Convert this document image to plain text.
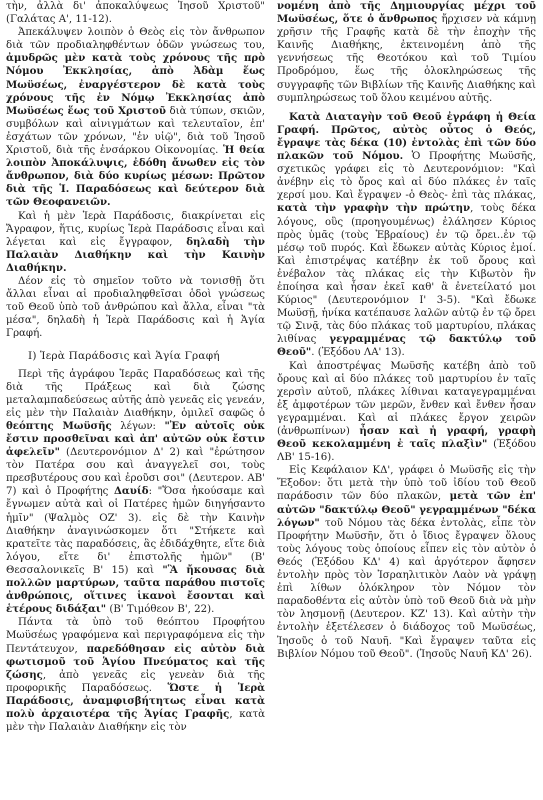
τὴν, ἀλλὰ δι' ἀποκαλύψεως Ἰησοῦ Χριστοῦ" (Γαλάτας Α', 11-12).

Ἀπεκάλυψεν λοιπὸν ὁ Θεὸς εἰς τὸν ἄνθρωπον διὰ τῶν προδιαληφθέντων ὁδῶν γνώσεως του, ἀμυδρῶς μὲν κατὰ τοὺς χρόνους τῆς πρὸ Νόμου Ἐκκλησίας, ἀπὸ Ἀδὰμ ἕως Μωϋσέως, ἐναργέστερον δὲ κατὰ τοὺς χρόνους τῆς ἐν Νόμῳ Ἐκκλησίας ἀπὸ Μωϋσέως ἕως τοῦ Χριστοῦ διὰ τύπων, σκιῶν, συμβόλων καὶ αἰνιγμάτων καὶ τελευταῖον, ἐπ' ἐσχάτων τῶν χρόνων, "ἐν υἱῷ", διὰ τοῦ Ἰησοῦ Χριστοῦ, διὰ τῆς ἐνσάρκου Οἰκονομίας. Ἡ θεία λοιπὸν Ἀποκάλυψις, ἐδόθη ἄνωθεν εἰς τὸν ἄνθρωπον, διὰ δύο κυρίως μέσων: Πρῶτον διὰ τῆς Ἱ. Παραδόσεως καὶ δεύτερον διὰ τῶν Θεοφανειῶν.

Καὶ ἡ μὲν Ἱερὰ Παράδοσις, διακρίνεται εἰς Ἄγραφον, ἥτις, κυρίως Ἱερὰ Παράδοσις εἶναι καὶ λέγεται καὶ εἰς ἔγγραφον, δηλαδὴ τὴν Παλαιὰν Διαθήκην καὶ τὴν Καινὴν Διαθήκην.

Δέον εἰς τὸ σημεῖον τοῦτο νὰ τονισθῇ ὅτι ἄλλαι εἶναι αἱ προδιαληφθεῖσαι ὁδοὶ γνώσεως τοῦ Θεοῦ ὑπὸ τοῦ ἀνθρώπου καὶ ἄλλα, εἶναι "τὰ μέσα", δηλαδὴ ἡ Ἱερὰ Παράδοσις καὶ ἡ Ἁγία Γραφή.

Ι) Ἱερὰ Παράδοσις καὶ Ἁγία Γραφή

Περὶ τῆς ἀγράφου Ἱερᾶς Παραδόσεως καὶ τῆς διὰ τῆς Πράξεως καὶ διὰ ζώσης μεταλαμπαδεύσεως αὐτῆς ἀπὸ γενεᾶς εἰς γενεάν, εἰς μὲν τὴν Παλαιὰν Διαθήκην, ὁμιλεῖ σαφῶς ὁ θεόπτης Μωϋσῆς λέγων: "Ἐν αὐτοῖς οὐκ ἔστιν προσθεῖναι καὶ ἀπ' αὐτῶν οὐκ ἔστιν ἀφελεῖν" (Δευτερονόμιον Δ' 2) καὶ "ἐρώτησον τὸν Πατέρα σου καὶ ἀναγγελεῖ σοι, τοὺς πρεσβυτέρους σου καὶ ἐροῦσι σοι" (Δευτερον. ΑΒ' 7) καὶ ὁ Προφήτης Δαυίδ: "Ὅσα ἠκούσαμε καὶ ἔγνωμεν αὐτὰ καὶ οἱ Πατέρες ἡμῶν διηγήσαντο ἡμῖν" (Ψαλμὸς ΟΖ' 3). εἰς δὲ τὴν Καινὴν Διαθήκην ἀναγινώσκομεν ὅτι "Στήκετε καὶ κρατεῖτε τὰς παραδόσεις, ἃς ἐδιδάχθητε, εἴτε διὰ λόγου, εἴτε δι' ἐπιστολῆς ἡμῶν" (Β' Θεσσαλονικεῖς Β' 15) καὶ "Ἃ ἤκουσας διὰ πολλῶν μαρτύρων, ταῦτα παράθου πιστοῖς ἀνθρώποις, οἵτινες ἱκανοὶ ἔσονται καὶ ἑτέρους διδάξαι" (Β' Τιμόθεον Β', 22).

Πάντα τὰ ὑπὸ τοῦ θεόπτου Προφήτου Μωϋσέως γραφόμενα καὶ περιγραφόμενα εἰς τὴν Πεντάτευχον, παρεδόθησαν εἰς αὐτὸν διὰ φωτισμοῦ τοῦ Ἁγίου Πνεύματος καὶ τῆς ζώσης, ἀπὸ γενεᾶς εἰς γενεὰν διὰ τῆς προφορικῆς Παραδόσεως. Ὥστε ἡ Ἱερὰ Παράδοσις, ἀναμφισβήτητως εἶναι κατὰ πολὺ ἀρχαιοτέρα τῆς Ἁγίας Γραφῆς, κατὰ μὲν τὴν Παλαιὰν Διαθήκην εἰς τὸν

νομένη ἀπὸ τῆς Δημιουργίας μέχρι τοῦ Μωϋσέως, ὅτε ὁ ἄνθρωπος ἤρχισεν νὰ κάμνῃ χρῆσιν τῆς Γραφῆς κατὰ δὲ τὴν ἐποχὴν τῆς Καινῆς Διαθήκης, ἐκτεινομένη ἀπὸ τῆς γεννήσεως τῆς Θεοτόκου καὶ τοῦ Τιμίου Προδρόμου, ἕως τῆς ὁλοκληρώσεως τῆς συγγραφῆς τῶν Βιβλίων τῆς Καινῆς Διαθήκης καὶ συμπληρώσεως τοῦ ὅλου κειμένου αὐτῆς.

Κατὰ Διαταγὴν τοῦ Θεοῦ ἐγράφη ἡ Θεία Γραφή. Πρῶτος, αὐτὸς οὗτος ὁ Θεός, ἔγραψε τὰς δέκα (10) ἐντολὰς ἐπὶ τῶν δύο πλακῶν τοῦ Νόμου. Ὁ Προφήτης Μωϋσῆς, σχετικῶς γράφει εἰς τὸ Δευτερονόμιον: "Καὶ ἀνέβην εἰς τὸ ὄρος καὶ αἱ δύο πλάκες ἐν ταῖς χερσί μου. Καὶ ἔγραψεν -ὁ Θεὸς- ἐπὶ τὰς πλάκας, κατὰ τὴν γραφὴν τὴν πρώτην, τοὺς δέκα λόγους, οὓς (προηγουμένως) ἐλάλησεν Κύριος πρὸς ὑμᾶς (τοὺς Ἑβραίους) ἐν τῷ ὄρει..ἐν τῷ μέσῳ τοῦ πυρός. Καὶ ἔδωκεν αὐτὰς Κύριος ἐμοί. Καὶ ἐπιστρέψας κατέβην ἐκ τοῦ ὄρους καὶ ἐνέβαλον τὰς πλάκας εἰς τὴν Κιβωτὸν ἣν ἐποίησα καὶ ἦσαν ἐκεῖ καθ' ἃ ἐνετείλατό μοι Κύριος" (Δευτερονόμιον Ι' 3-5). "Καὶ ἔδωκε Μωϋσῇ, ἡνίκα κατέπαυσε λαλῶν αὐτῷ ἐν τῷ ὄρει τῷ Σινᾷ, τὰς δύο πλάκας τοῦ μαρτυρίου, πλάκας λιθίνας γεγραμμένας τῷ δακτύλῳ τοῦ Θεοῦ". (Ἐξόδου ΛΑ' 13).

Καὶ ἀποστρέψας Μωϋσῆς κατέβη ἀπὸ τοῦ ὄρους καὶ αἱ δύο πλάκες τοῦ μαρτυρίου ἐν ταῖς χερσὶν αὐτοῦ, πλάκες λίθιναι καταγεγραμμέναι ἐξ ἀμφοτέρων τῶν μερῶν, ἔνθεν καὶ ἔνθεν ἦσαν γεγραμμέναι. Καὶ αἱ πλάκες ἔργον χειρῶν (ἀνθρωπίνων) ἦσαν καὶ ἡ γραφή, γραφὴ Θεοῦ κεκολαμμένη ἐ ταῖς πλαξὶν" (Ἐξόδου ΛΒ' 15-16).

Εἰς Κεφάλαιον ΚΔ', γράφει ὁ Μωϋσῆς εἰς τὴν Ἔξοδον: ὅτι μετὰ τὴν ὑπὸ τοῦ ἰδίου τοῦ Θεοῦ παράδοσιν τῶν δύο πλακῶν, μετὰ τῶν ἐπ' αὐτῶν "δακτύλῳ Θεοῦ" γεγραμμένων "δέκα λόγων" τοῦ Νόμου τὰς δέκα ἐντολὰς, εἶπε τὸν Προφήτην Μωϋσῆν, ὅτι ὁ ἴδιος ἔγραψεν ὅλους τοὺς λόγους τοὺς ὁποίους εἶπεν εἰς τὸν αὐτὸν ὁ Θεός (Ἐξόδου ΚΔ' 4) καὶ ἀργότερον ἄφησεν ἐντολὴν πρὸς τὸν Ἰσραηλιτικὸν Λαὸν νὰ γράψῃ ἐπὶ λίθων ὁλόκληρον τὸν Νόμον τὸν παραδοθέντα εἰς αὐτὸν ὑπὸ τοῦ Θεοῦ διὰ νὰ μὴν τὸν λησμονῇ (Δευτερον. ΚΖ' 13). Καὶ αὐτὴν τὴν ἐντολὴν ἐξετέλεσεν ὁ διάδοχος τοῦ Μωϋσέως, Ἰησοῦς ὁ τοῦ Ναυῆ. "Καὶ ἔγραψεν ταῦτα εἰς Βιβλίον Νόμου τοῦ Θεοῦ". (Ἰησοῦς Ναυῆ ΚΔ' 26).
